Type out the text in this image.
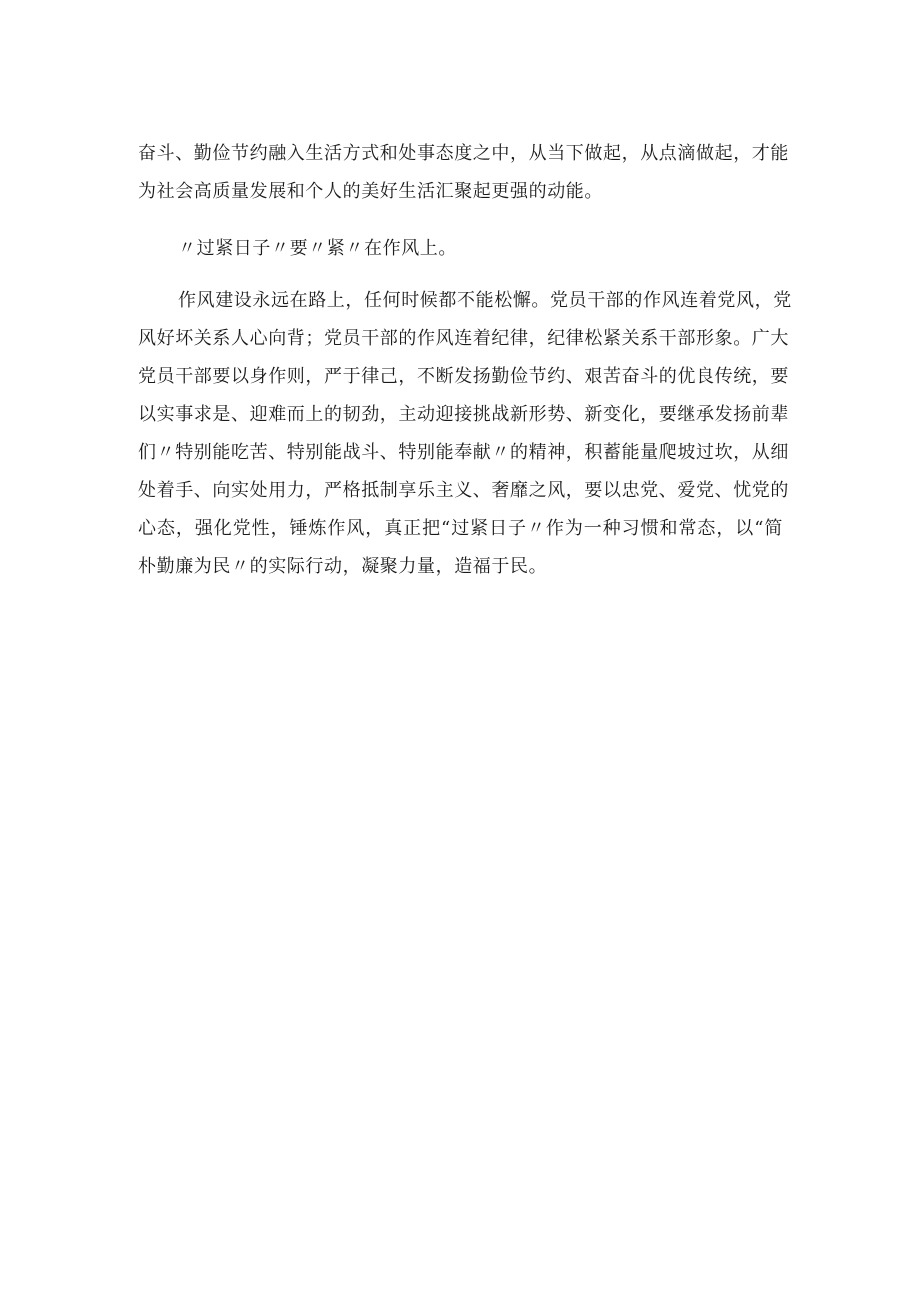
奋斗、勤俭节约融入生活方式和处事态度之中，从当下做起，从点滴做起，才能
为社会高质量发展和个人的美好生活汇聚起更强的动能。
〃过紧日子〃要〃紧〃在作风上。
作风建设永远在路上，任何时候都不能松懈。党员干部的作风连着党风，党
风好坏关系人心向背；党员干部的作风连着纪律，纪律松紧关系干部形象。广大
党员干部要以身作则，严于律己，不断发扬勤俭节约、艰苦奋斗的优良传统，要
以实事求是、迎难而上的韧劲，主动迎接挑战新形势、新变化，要继承发扬前辈
们〃特别能吃苦、特别能战斗、特别能奉献〃的精神，积蓄能量爬坡过坎，从细
处着手、向实处用力，严格抵制享乐主义、奢靡之风，要以忠党、爱党、忧党的
心态，强化党性，锤炼作风，真正把“过紧日子〃作为一种习惯和常态，以“简
朴勤廉为民〃的实际行动，凝聚力量，造福于民。
